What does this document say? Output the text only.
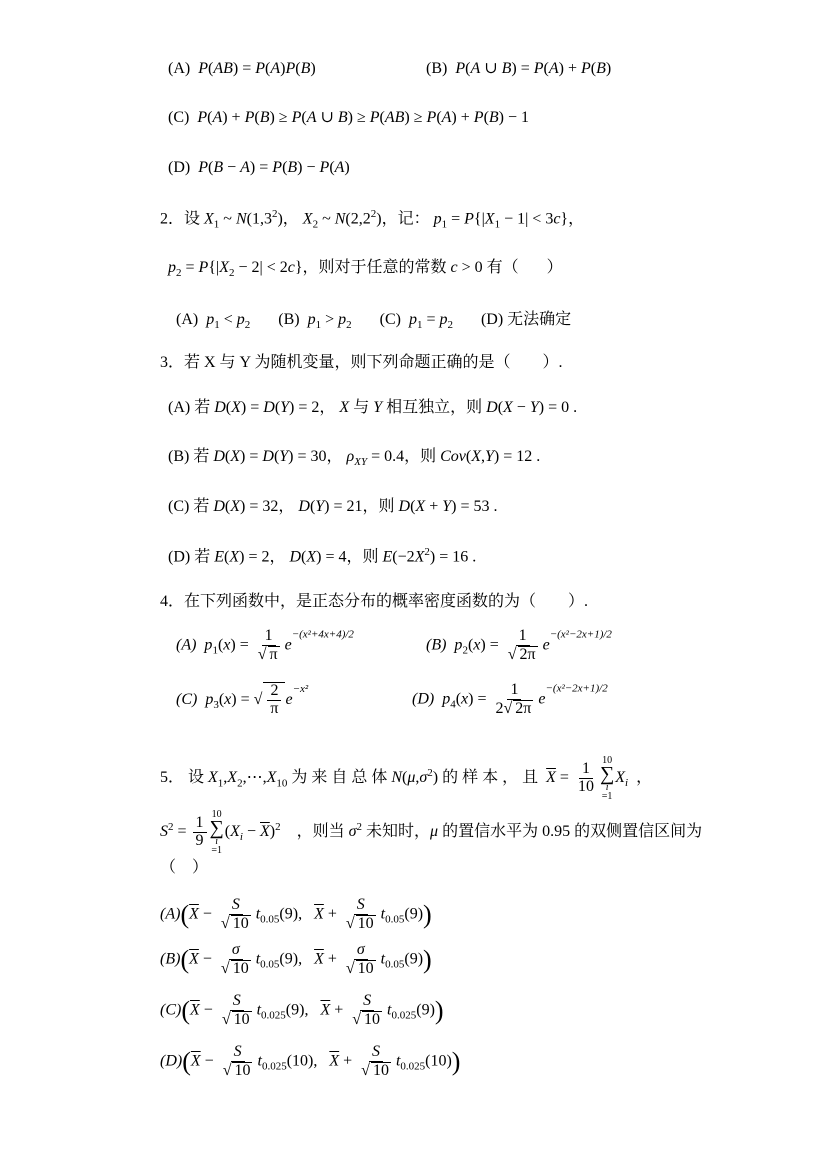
(A)  P(AB) = P(A)P(B)	(B)  P(A ∪ B) = P(A) + P(B)
(C)  P(A) + P(B) ≥ P(A ∪ B) ≥ P(AB) ≥ P(A) + P(B) − 1
(D)  P(B − A) = P(B) − P(A)
2．设 $X_1$ ~ $N(1,3^2)$， $X_2$ ~ $N(2,2^2)$，记： $p_1 = P\{|X_1 - 1| < 3c\}$，
$p_2 = P\{|X_2 - 2| < 2c\}$，则对于任意的常数 c > 0 有（       ）
(A)  $p_1 < p_2$       (B)  $p_1 > p_2$       (C)  $p_1 = p_2$       (D) 无法确定
3．若 X 与 Y 为随机变量，则下列命题正确的是（　　）.
(A) 若 D(X) = D(Y) = 2， X 与 Y 相互独立，则 D(X − Y) = 0 .
(B) 若 D(X) = D(Y) = 30， $\rho_{XY} = 0.4$，则 Cov(X,Y) = 12 .
(C) 若 D(X) = 32， D(Y) = 21，则 D(X + Y) = 53 .
(D) 若 E(X) = 2， D(X) = 4，则 $E(-2X^2) = 16$ .
4．在下列函数中，是正态分布的概率密度函数的为（　　）.
(A)  $p_1(x) = \frac{1}{√ \pi} e^{-(x^2+4x+4)/2}$
(B)  $p_2(x) = \frac{1}{√ 2\pi} e^{-(x^2-2x+1)/2}$
(C)  $p_3(x)$ = √ $\frac{2}{\pi} e^{-x^2}$
(D)  $p_4(x) = \frac{1}{2√ 2\pi} e^{-(x^2-2x+1)/2}$
5． 设 $X_1,X_2,\cdots,X_{10}$ 为 来 自 总 体 $N(\mu,\sigma^2)$ 的 样 本 ， 且  $\overline{X} = \frac{1}{10}$
10
∑
i
$=1X_i$  ，
$S^2 = \frac{1}{9}$
10
∑
i
$=1(X_i - \overline{X})^2$    ，则当 $\sigma^2$ 未知时，μ 的置信水平为 0.95 的双侧置信区间为
（　）
$(A)(\overline{X} - \frac{S}{√ 10} t_{0.05}(9)$,   $\overline{X} + \frac{S}{√ 10} t_{0.05}(9)$)
$(B)(\overline{X} - \frac{\sigma}{√ 10} t_{0.05}(9)$,   $\overline{X} + \frac{\sigma}{√ 10} t_{0.05}(9)$)
$(C)(\overline{X} - \frac{S}{√ 10} t_{0.025}(9)$,   $\overline{X} + \frac{S}{√ 10} t_{0.025}(9)$)
$(D)(\overline{X} - \frac{S}{√ 10} t_{0.025}(10)$,   $\overline{X} + \frac{S}{√ 10} t_{0.025}(10)$)
